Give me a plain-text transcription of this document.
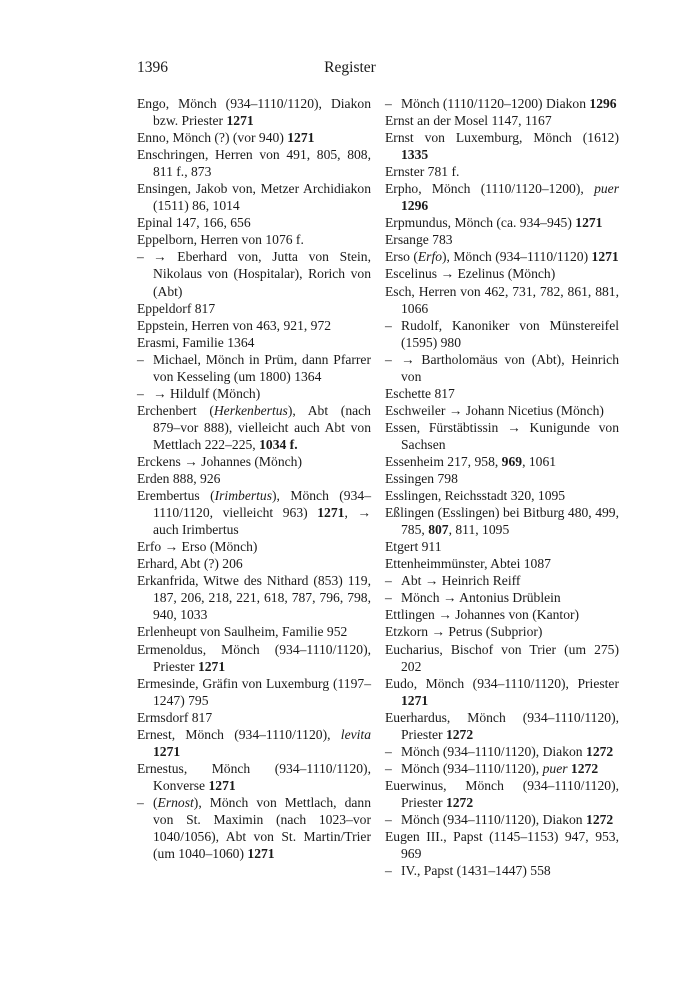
1396	Register
Engo, Mönch (934–1110/1120), Diakon bzw. Priester 1271
Enno, Mönch (?) (vor 940) 1271
Enschringen, Herren von 491, 805, 808, 811 f., 873
Ensingen, Jakob von, Metzer Archidiakon (1511) 86, 1014
Epinal 147, 166, 656
Eppelborn, Herren von 1076 f.
– → Eberhard von, Jutta von Stein, Nikolaus von (Hospitalar), Rorich von (Abt)
Eppeldorf 817
Eppstein, Herren von 463, 921, 972
Erasmi, Familie 1364
– Michael, Mönch in Prüm, dann Pfarrer von Kesseling (um 1800) 1364
– → Hildulf (Mönch)
Erchenbert (Herkenbertus), Abt (nach 879–vor 888), vielleicht auch Abt von Mettlach 222–225, 1034 f.
Erckens → Johannes (Mönch)
Erden 888, 926
Erembertus (Irimbertus), Mönch (934–1110/1120, vielleicht 963) 1271, → auch Irimbertus
Erfo → Erso (Mönch)
Erhard, Abt (?) 206
Erkanfrida, Witwe des Nithard (853) 119, 187, 206, 218, 221, 618, 787, 796, 798, 940, 1033
Erlenheupt von Saulheim, Familie 952
Ermenoldus, Mönch (934–1110/1120), Priester 1271
Ermesinde, Gräfin von Luxemburg (1197–1247) 795
Ermsdorf 817
Ernest, Mönch (934–1110/1120), levita 1271
Ernestus, Mönch (934–1110/1120), Konverse 1271
– (Ernost), Mönch von Mettlach, dann von St. Maximin (nach 1023–vor 1040/1056), Abt von St. Martin/Trier (um 1040–1060) 1271
– Mönch (1110/1120–1200) Diakon 1296
Ernst an der Mosel 1147, 1167
Ernst von Luxemburg, Mönch (1612) 1335
Ernster 781 f.
Erpho, Mönch (1110/1120–1200), puer 1296
Erpmundus, Mönch (ca. 934–945) 1271
Ersange 783
Erso (Erfo), Mönch (934–1110/1120) 1271
Escelinus → Ezelinus (Mönch)
Esch, Herren von 462, 731, 782, 861, 881, 1066
– Rudolf, Kanoniker von Münstereifel (1595) 980
– → Bartholomäus von (Abt), Heinrich von
Eschette 817
Eschweiler → Johann Nicetius (Mönch)
Essen, Fürstäbtissin → Kunigunde von Sachsen
Essenheim 217, 958, 969, 1061
Essingen 798
Esslingen, Reichsstadt 320, 1095
Eßlingen (Esslingen) bei Bitburg 480, 499, 785, 807, 811, 1095
Etgert 911
Ettenheimmünster, Abtei 1087
– Abt → Heinrich Reiff
– Mönch → Antonius Drüblein
Ettlingen → Johannes von (Kantor)
Etzkorn → Petrus (Subprior)
Eucharius, Bischof von Trier (um 275) 202
Eudo, Mönch (934–1110/1120), Priester 1271
Euerhardus, Mönch (934–1110/1120), Priester 1272
– Mönch (934–1110/1120), Diakon 1272
– Mönch (934–1110/1120), puer 1272
Euerwinus, Mönch (934–1110/1120), Priester 1272
– Mönch (934–1110/1120), Diakon 1272
Eugen III., Papst (1145–1153) 947, 953, 969
– IV., Papst (1431–1447) 558
